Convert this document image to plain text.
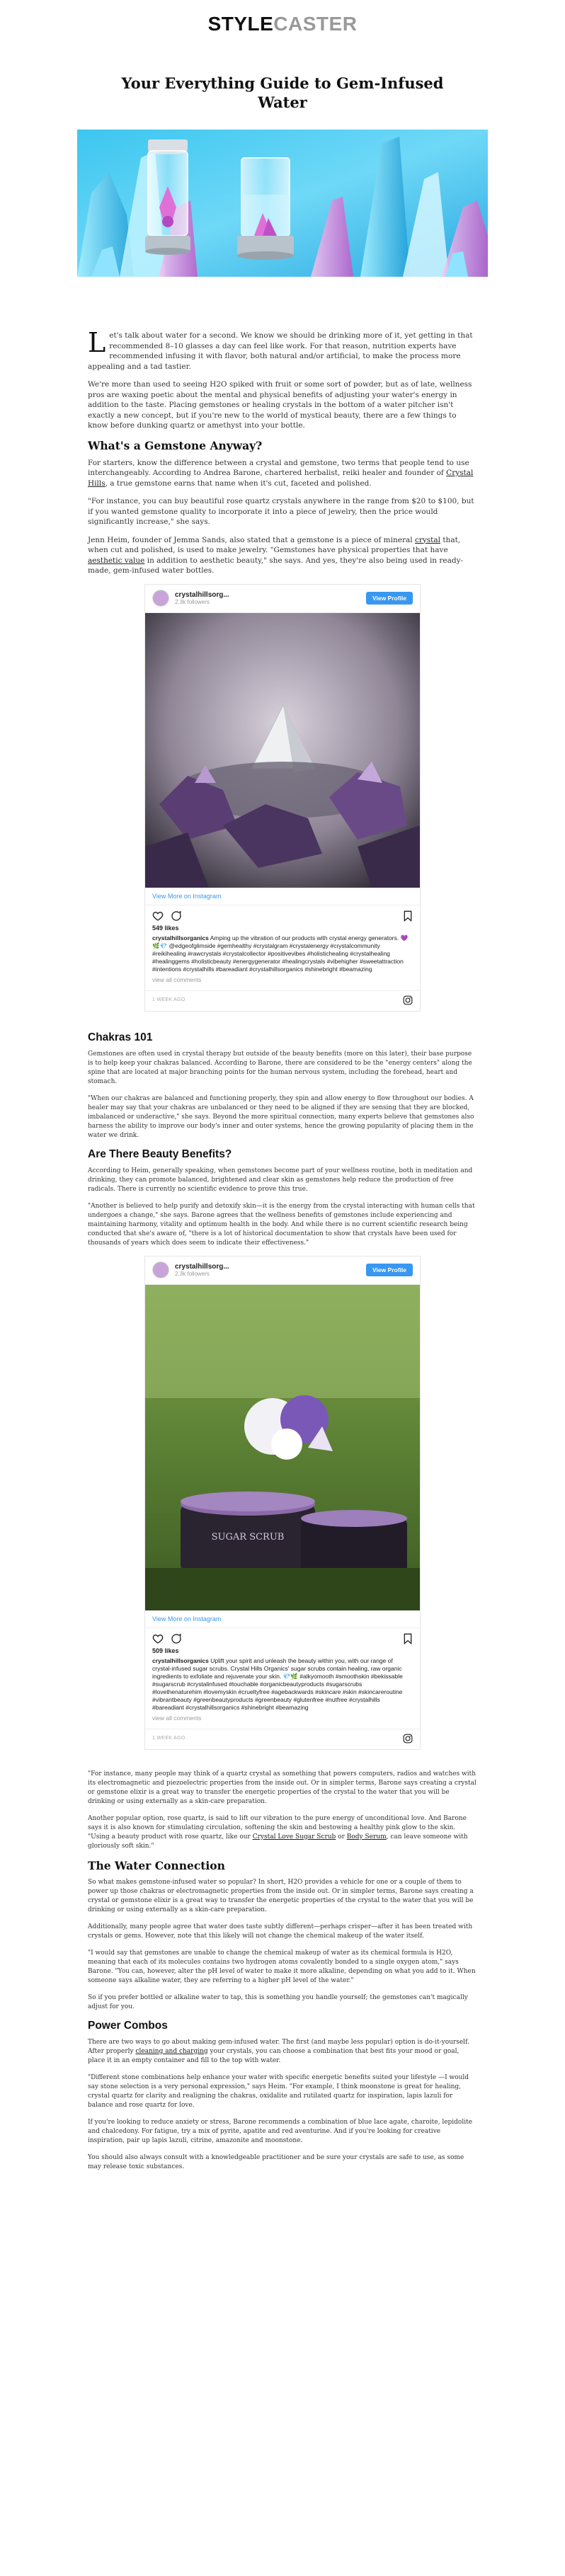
STYLECASTER
Your Everything Guide to Gem-Infused Water

Let's talk about water for a second. We know we should be drinking more of it, yet getting in that recommended 8–10 glasses a day can feel like work. For that reason, nutrition experts have recommended infusing it with flavor, both natural and/or artificial, to make the process more appealing and a tad tastier.

We're more than used to seeing H2O spiked with fruit or some sort of powder, but as of late, wellness pros are waxing poetic about the mental and physical benefits of adjusting your water's energy in addition to the taste. Placing gemstones or healing crystals in the bottom of a water pitcher isn't exactly a new concept, but if you're new to the world of mystical beauty, there are a few things to know before dunking quartz or amethyst into your bottle.

What's a Gemstone Anyway?

For starters, know the difference between a crystal and gemstone, two terms that people tend to use interchangeably. According to Andrea Barone, chartered herbalist, reiki healer and founder of Crystal Hills, a true gemstone earns that name when it's cut, faceted and polished.

"For instance, you can buy beautiful rose quartz crystals anywhere in the range from $20 to $100, but if you wanted gemstone quality to incorporate it into a piece of jewelry, then the price would significantly increase," she says.

Jenn Heim, founder of Jemma Sands, also stated that a gemstone is a piece of mineral crystal that, when cut and polished, is used to make jewelry. "Gemstones have physical properties that have aesthetic value in addition to aesthetic beauty," she says. And yes, they're also being used in ready-made, gem-infused water bottles.

crystalhillsorg...
2.3k followers
View Profile
View More on Instagram
549 likes
crystalhillsorganics Amping up the vibration of our products with crystal energy generators. 💜🌿💎 @edgeofglimside #gemhealthy #crystalgram #crystalenergy #crystalcommunity #reikihealing #rawcrystals #crystalcollector #positivevibes #holistichealing #crystalhealing #healinggems #holisticbeauty #energygenerator #healingcrystals #vibehigher #sweetattraction #intentions #crystalhills #bareadiant #crystalhillsorganics #shinebright #beamazing
view all comments
1 WEEK AGO
Chakras 101

Gemstones are often used in crystal therapy but outside of the beauty benefits (more on this later), their base purpose is to help keep your chakras balanced. According to Barone, there are considered to be the "energy centers" along the spine that are located at major branching points for the human nervous system, including the forehead, heart and stomach.

"When our chakras are balanced and functioning properly, they spin and allow energy to flow throughout our bodies. A healer may say that your chakras are unbalanced or they need to be aligned if they are sensing that they are blocked, imbalanced or underactive," she says. Beyond the more spiritual connection, many experts believe that gemstones also harness the ability to improve our body's inner and outer systems, hence the growing popularity of placing them in the water we drink.

Are There Beauty Benefits?

According to Heim, generally speaking, when gemstones become part of your wellness routine, both in meditation and drinking, they can promote balanced, brightened and clear skin as gemstones help reduce the production of free radicals. There is currently no scientific evidence to prove this true.

"Another is believed to help purify and detoxify skin—it is the energy from the crystal interacting with human cells that undergoes a change," she says. Barone agrees that the wellness benefits of gemstones include experiencing and maintaining harmony, vitality and optimum health in the body. And while there is no current scientific research being conducted that she's aware of, "there is a lot of historical documentation to show that crystals have been used for thousands of years which does seem to indicate their effectiveness."

crystalhillsorg...
2.3k followers
View Profile
SUGAR SCRUB
View More on Instagram
509 likes
crystalhillsorganics Uplift your spirit and unleash the beauty within you, with our range of crystal-infused sugar scrubs. Crystal Hills Organics' sugar scrubs contain healing, raw organic ingredients to exfoliate and rejuvenate your skin. 💎🌿 #alkyomooth #smoothskin #bekissable #sugarscrub #crystalinfused #touchable #organicbeautyproducts #sugarscrubs #lovethenaturehim #lovemyskin #crueltyfree #agebackwards #skincare #skin #skincareroutine #vibrantbeauty #greenbeautyproducts #greenbeauty #glutenfree #nutfree #crystalhills #bareadiant #crystalhillsorganics #shinebright #beamazing
view all comments
1 WEEK AGO

"For instance, many people may think of a quartz crystal as something that powers computers, radios and watches with its electromagnetic and piezoelectric properties from the inside out. Or in simpler terms, Barone says creating a crystal or gemstone elixir is a great way to transfer the energetic properties of the crystal to the water that you will be drinking or using externally as a skin-care preparation.

Another popular option, rose quartz, is said to lift our vibration to the pure energy of unconditional love. And Barone says it is also known for stimulating circulation, softening the skin and bestowing a healthy pink glow to the skin. "Using a beauty product with rose quartz, like our Crystal Love Sugar Scrub or Body Serum, can leave someone with gloriously soft skin."

The Water Connection

So what makes gemstone-infused water so popular? In short, H2O provides a vehicle for one or a couple of them to power up those chakras or electromagnetic properties from the inside out. Or in simpler terms, Barone says creating a crystal or gemstone elixir is a great way to transfer the energetic properties of the crystal to the water that you will be drinking or using externally as a skin-care preparation.

Additionally, many people agree that water does taste subtly different—perhaps crisper—after it has been treated with crystals or gems. However, note that this likely will not change the chemical makeup of the water itself.

"I would say that gemstones are unable to change the chemical makeup of water as its chemical formula is H2O, meaning that each of its molecules contains two hydrogen atoms covalently bonded to a single oxygen atom," says Barone. "You can, however, alter the pH level of water to make it more alkaline, depending on what you add to it. When someone says alkaline water, they are referring to a higher pH level of the water."

So if you prefer bottled or alkaline water to tap, this is something you handle yourself; the gemstones can't magically adjust for you.

Power Combos

There are two ways to go about making gem-infused water. The first (and maybe less popular) option is do-it-yourself. After properly cleaning and charging your crystals, you can choose a combination that best fits your mood or goal, place it in an empty container and fill to the top with water.

"Different stone combinations help enhance your water with specific energetic benefits suited your lifestyle —I would say stone selection is a very personal expression," says Heim. "For example, I think moonstone is great for healing, crystal quartz for clarity and realigning the chakras, oxidalite and rutilated quartz for inspiration, lapis lazuli for balance and rose quartz for love.

If you're looking to reduce anxiety or stress, Barone recommends a combination of blue lace agate, charoite, lepidolite and chalcedony. For fatigue, try a mix of pyrite, apatite and red aventurine. And if you're looking for creative inspiration, pair up lapis lazuli, citrine, amazonite and moonstone.

You should also always consult with a knowledgeable practitioner and be sure your crystals are safe to use, as some may release toxic substances.
